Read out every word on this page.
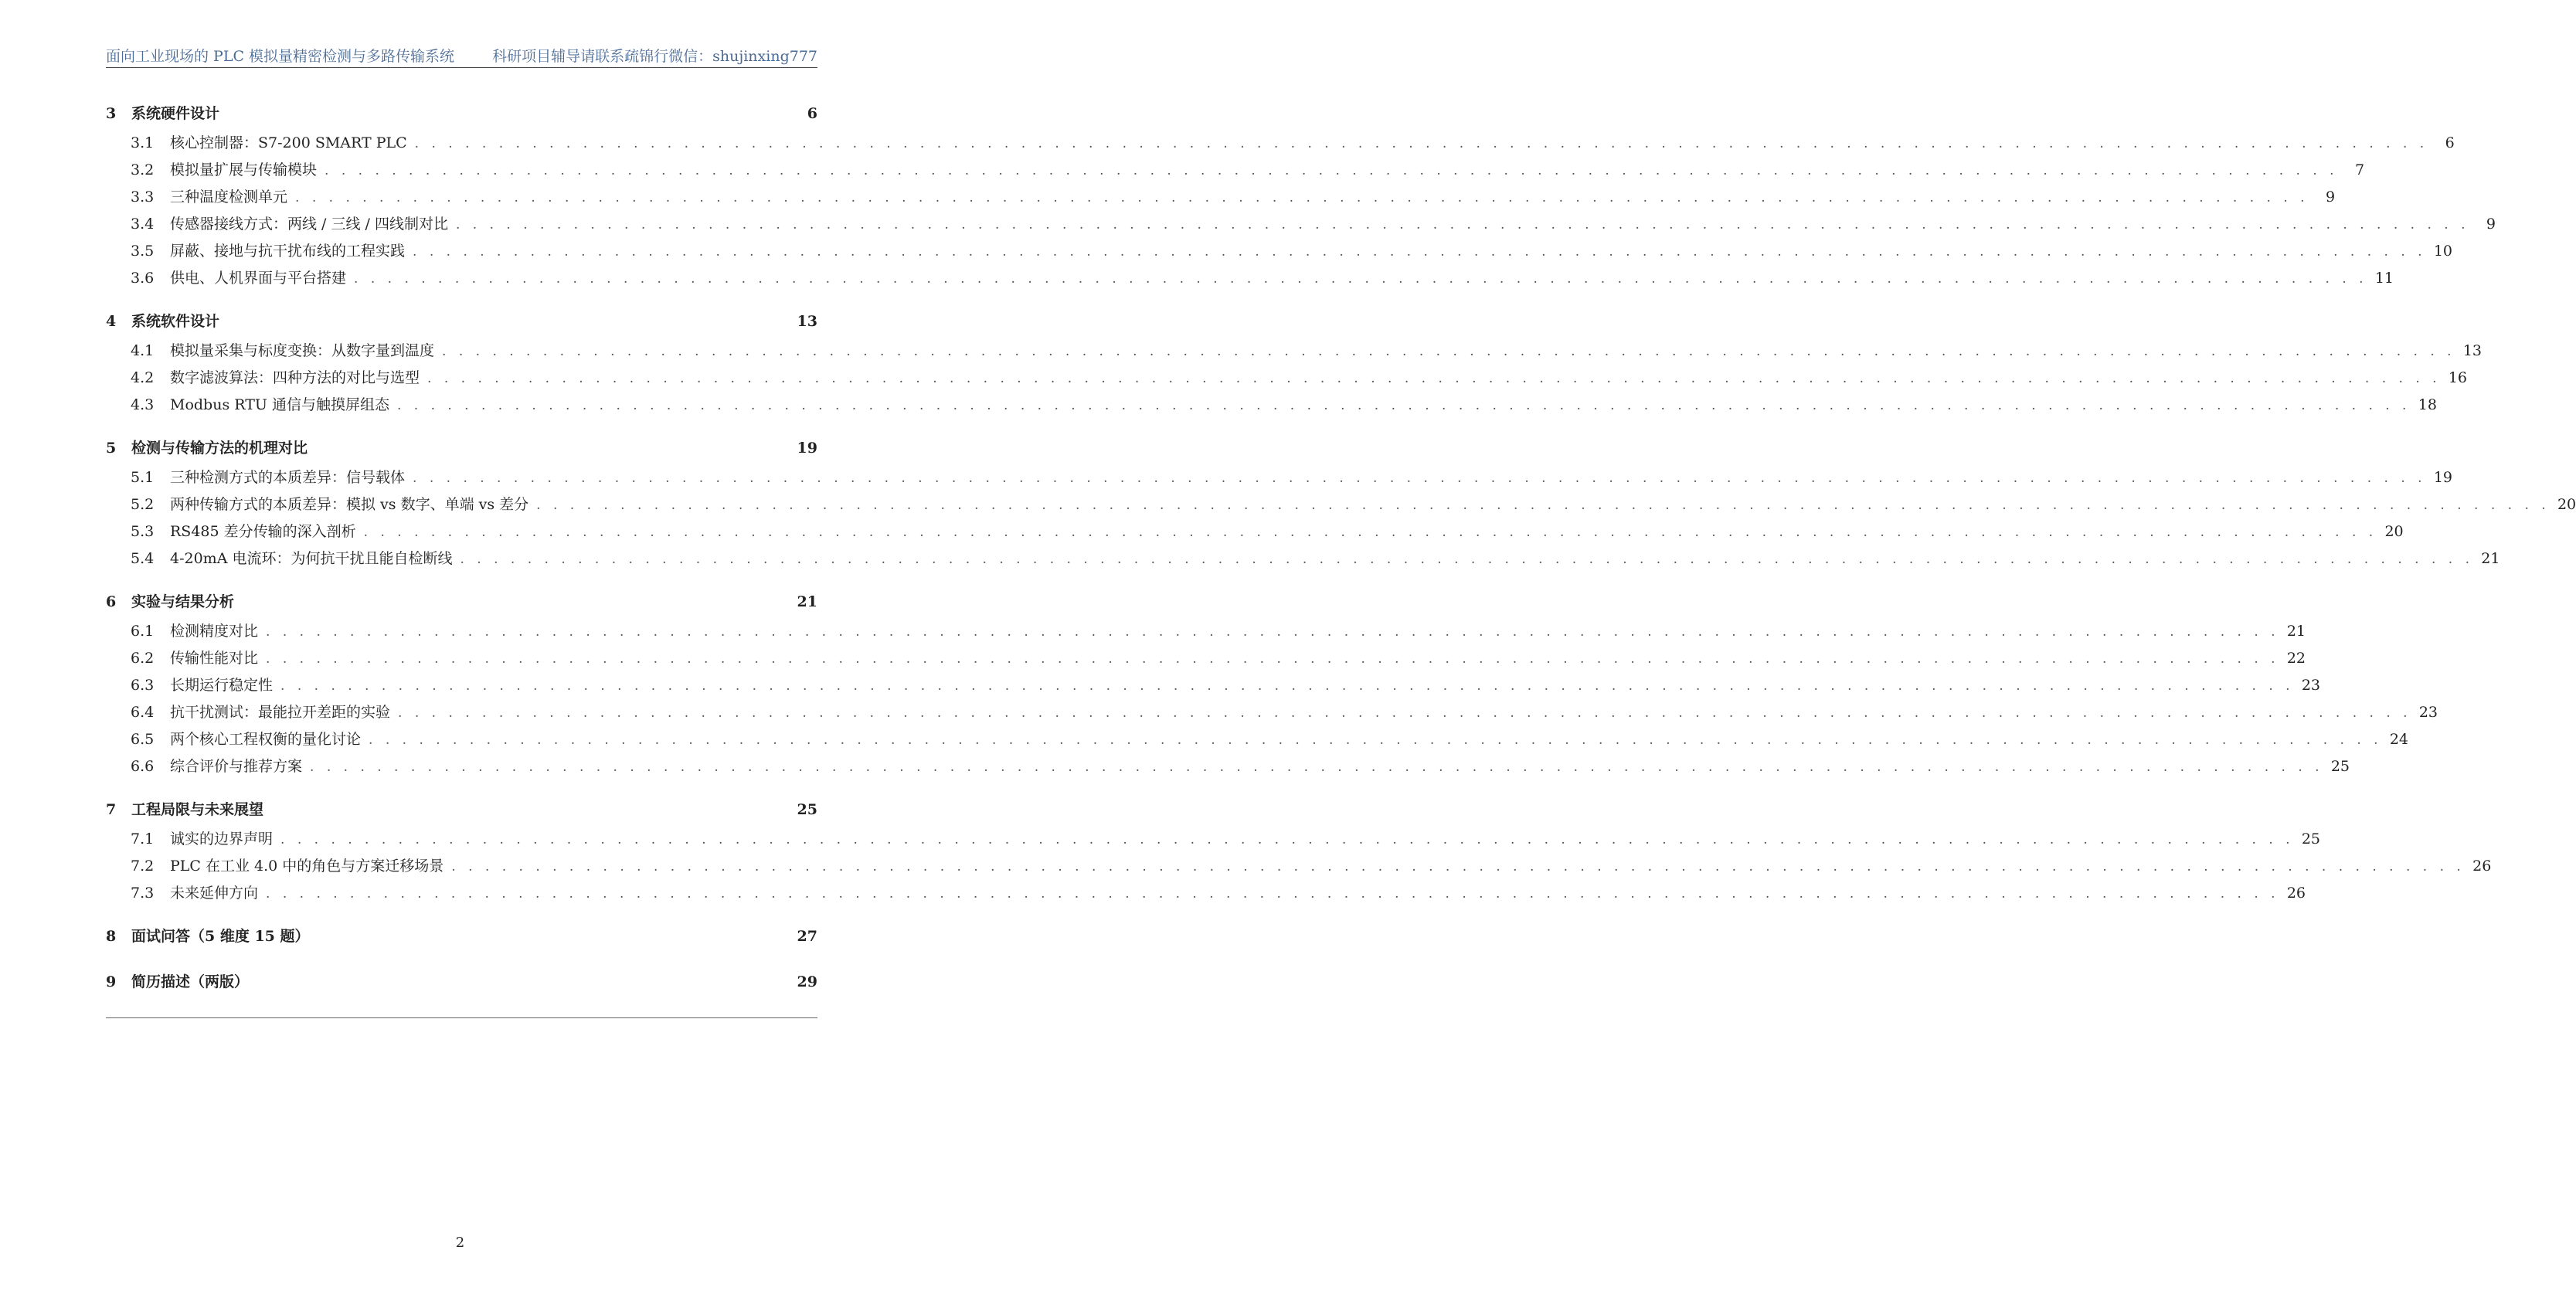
面向工业现场的 PLC 模拟量精密检测与多路传输系统	科研项目辅导请联系疏锦行微信：shujinxing777
3	系统硬件设计	6
3.1	核心控制器：S7-200 SMART PLC . . . . . . . . . . . . . . . . . . . . . . . . . . . . . . . . . . . . . . . . . . . . . . . . . . . . . . . . . . . . . . . . . . . . . . . . . . . . . . . . . . . . . . . . . . . . . . . . . . . . . . . . . . . . . . . . . . . . . . . .	6
3.2	模拟量扩展与传输模块 . . . . . . . . . . . . . . . . . . . . . . . . . . . . . . . . . . . . . . . . . . . . . . . . . . . . . . . . . . . . . . . . . . . . . . . . . . . . . . . . . . . . . . . . . . . . . . . . . . . . . . . . . . . . . . . . . . . . . . . .	7
3.3	三种温度检测单元 . . . . . . . . . . . . . . . . . . . . . . . . . . . . . . . . . . . . . . . . . . . . . . . . . . . . . . . . . . . . . . . . . . . . . . . . . . . . . . . . . . . . . . . . . . . . . . . . . . . . . . . . . . . . . . . . . . . . . . . .	9
3.4	传感器接线方式：两线 / 三线 / 四线制对比 . . . . . . . . . . . . . . . . . . . . . . . . . . . . . . . . . . . . . . . . . . . . . . . . . . . . . . . . . . . . . . . . . . . . . . . . . . . . . . . . . . . . . . . . . . . . . . . . . . . . . . . . . . . . . . . . . . . . . . . .	9
3.5	屏蔽、接地与抗干扰布线的工程实践 . . . . . . . . . . . . . . . . . . . . . . . . . . . . . . . . . . . . . . . . . . . . . . . . . . . . . . . . . . . . . . . . . . . . . . . . . . . . . . . . . . . . . . . . . . . . . . . . . . . . . . . . . . . . . . . . . . . . . . . . 10
3.6	供电、人机界面与平台搭建 . . . . . . . . . . . . . . . . . . . . . . . . . . . . . . . . . . . . . . . . . . . . . . . . . . . . . . . . . . . . . . . . . . . . . . . . . . . . . . . . . . . . . . . . . . . . . . . . . . . . . . . . . . . . . . . . . . . . . . . . 11
4	系统软件设计	13
4.1	模拟量采集与标度变换：从数字量到温度 . . . . . . . . . . . . . . . . . . . . . . . . . . . . . . . . . . . . . . . . . . . . . . . . . . . . . . . . . . . . . . . . . . . . . . . . . . . . . . . . . . . . . . . . . . . . . . . . . . . . . . . . . . . . . . . . . . . . . . . . 13
4.2	数字滤波算法：四种方法的对比与选型 . . . . . . . . . . . . . . . . . . . . . . . . . . . . . . . . . . . . . . . . . . . . . . . . . . . . . . . . . . . . . . . . . . . . . . . . . . . . . . . . . . . . . . . . . . . . . . . . . . . . . . . . . . . . . . . . . . . . . . . . 16
4.3	Modbus RTU 通信与触摸屏组态 . . . . . . . . . . . . . . . . . . . . . . . . . . . . . . . . . . . . . . . . . . . . . . . . . . . . . . . . . . . . . . . . . . . . . . . . . . . . . . . . . . . . . . . . . . . . . . . . . . . . . . . . . . . . . . . . . . . . . . . . 18
5	检测与传输方法的机理对比	19
5.1	三种检测方式的本质差异：信号载体 . . . . . . . . . . . . . . . . . . . . . . . . . . . . . . . . . . . . . . . . . . . . . . . . . . . . . . . . . . . . . . . . . . . . . . . . . . . . . . . . . . . . . . . . . . . . . . . . . . . . . . . . . . . . . . . . . . . . . . . . 19
5.2	两种传输方式的本质差异：模拟 vs 数字、单端 vs 差分 . . . . . . . . . . . . . . . . . . . . . . . . . . . . . . . . . . . . . . . . . . . . . . . . . . . . . . . . . . . . . . . . . . . . . . . . . . . . . . . . . . . . . . . . . . . . . . . . . . . . . . . . . . . . . . . . . . . . . . . . 20
5.3	RS485 差分传输的深入剖析 . . . . . . . . . . . . . . . . . . . . . . . . . . . . . . . . . . . . . . . . . . . . . . . . . . . . . . . . . . . . . . . . . . . . . . . . . . . . . . . . . . . . . . . . . . . . . . . . . . . . . . . . . . . . . . . . . . . . . . . . 20
5.4	4-20mA 电流环：为何抗干扰且能自检断线 . . . . . . . . . . . . . . . . . . . . . . . . . . . . . . . . . . . . . . . . . . . . . . . . . . . . . . . . . . . . . . . . . . . . . . . . . . . . . . . . . . . . . . . . . . . . . . . . . . . . . . . . . . . . . . . . . . . . . . . . 21
6	实验与结果分析	21
6.1	检测精度对比 . . . . . . . . . . . . . . . . . . . . . . . . . . . . . . . . . . . . . . . . . . . . . . . . . . . . . . . . . . . . . . . . . . . . . . . . . . . . . . . . . . . . . . . . . . . . . . . . . . . . . . . . . . . . . . . . . . . . . . . . 21
6.2	传输性能对比 . . . . . . . . . . . . . . . . . . . . . . . . . . . . . . . . . . . . . . . . . . . . . . . . . . . . . . . . . . . . . . . . . . . . . . . . . . . . . . . . . . . . . . . . . . . . . . . . . . . . . . . . . . . . . . . . . . . . . . . . 22
6.3	长期运行稳定性 . . . . . . . . . . . . . . . . . . . . . . . . . . . . . . . . . . . . . . . . . . . . . . . . . . . . . . . . . . . . . . . . . . . . . . . . . . . . . . . . . . . . . . . . . . . . . . . . . . . . . . . . . . . . . . . . . . . . . . . . 23
6.4	抗干扰测试：最能拉开差距的实验 . . . . . . . . . . . . . . . . . . . . . . . . . . . . . . . . . . . . . . . . . . . . . . . . . . . . . . . . . . . . . . . . . . . . . . . . . . . . . . . . . . . . . . . . . . . . . . . . . . . . . . . . . . . . . . . . . . . . . . . . 23
6.5	两个核心工程权衡的量化讨论 . . . . . . . . . . . . . . . . . . . . . . . . . . . . . . . . . . . . . . . . . . . . . . . . . . . . . . . . . . . . . . . . . . . . . . . . . . . . . . . . . . . . . . . . . . . . . . . . . . . . . . . . . . . . . . . . . . . . . . . . 24
6.6	综合评价与推荐方案 . . . . . . . . . . . . . . . . . . . . . . . . . . . . . . . . . . . . . . . . . . . . . . . . . . . . . . . . . . . . . . . . . . . . . . . . . . . . . . . . . . . . . . . . . . . . . . . . . . . . . . . . . . . . . . . . . . . . . . . . 25
7	工程局限与未来展望	25
7.1	诚实的边界声明 . . . . . . . . . . . . . . . . . . . . . . . . . . . . . . . . . . . . . . . . . . . . . . . . . . . . . . . . . . . . . . . . . . . . . . . . . . . . . . . . . . . . . . . . . . . . . . . . . . . . . . . . . . . . . . . . . . . . . . . . 25
7.2	PLC 在工业 4.0 中的角色与方案迁移场景 . . . . . . . . . . . . . . . . . . . . . . . . . . . . . . . . . . . . . . . . . . . . . . . . . . . . . . . . . . . . . . . . . . . . . . . . . . . . . . . . . . . . . . . . . . . . . . . . . . . . . . . . . . . . . . . . . . . . . . . . 26
7.3	未来延伸方向 . . . . . . . . . . . . . . . . . . . . . . . . . . . . . . . . . . . . . . . . . . . . . . . . . . . . . . . . . . . . . . . . . . . . . . . . . . . . . . . . . . . . . . . . . . . . . . . . . . . . . . . . . . . . . . . . . . . . . . . . 26
8	面试问答（5 维度 15 题）	27
9	简历描述（两版）	29
2
